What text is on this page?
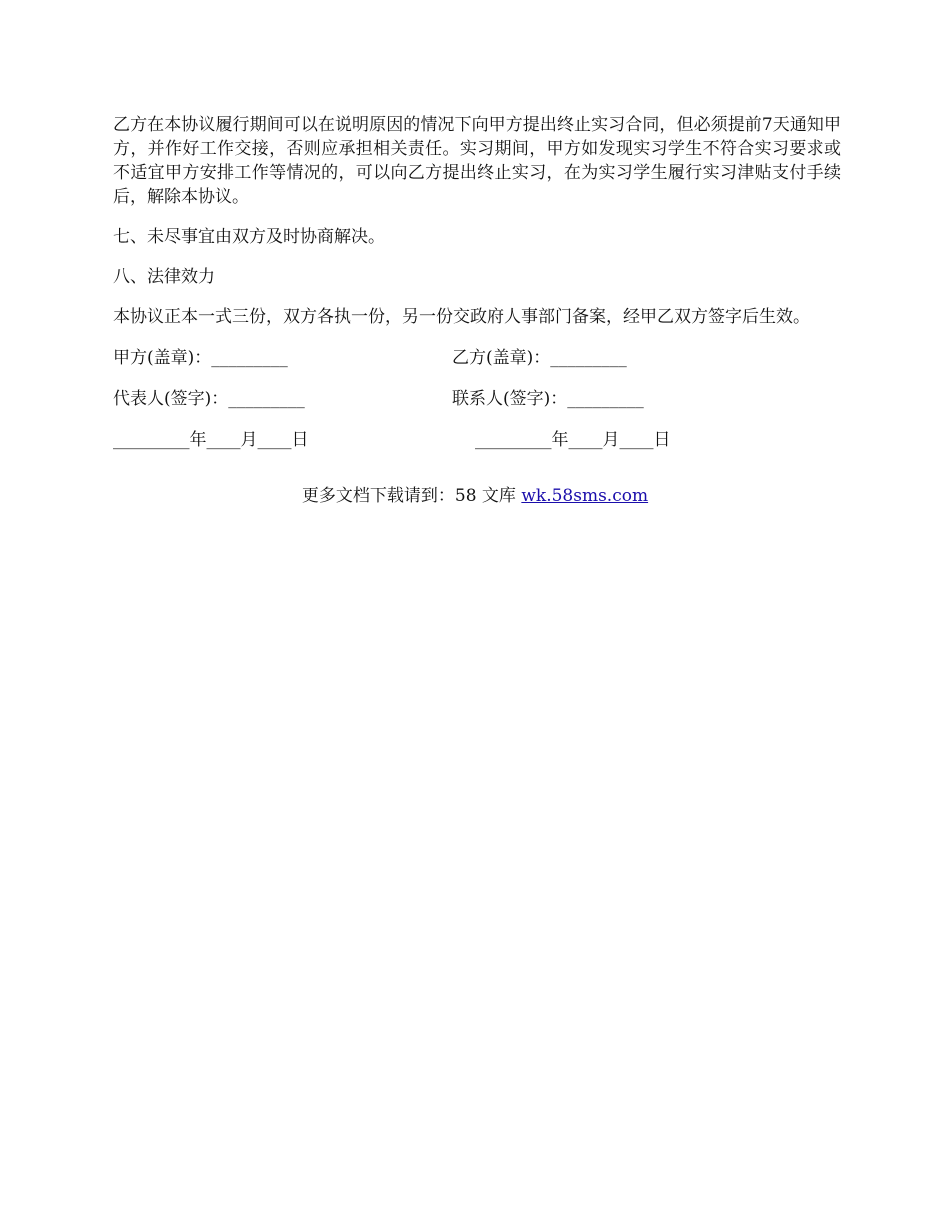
乙方在本协议履行期间可以在说明原因的情况下向甲方提出终止实习合同，但必须提前7天通知甲方，并作好工作交接，否则应承担相关责任。实习期间，甲方如发现实习学生不符合实习要求或不适宜甲方安排工作等情况的，可以向乙方提出终止实习，在为实习学生履行实习津贴支付手续后，解除本协议。

七、未尽事宜由双方及时协商解决。

八、法律效力

本协议正本一式三份，双方各执一份，另一份交政府人事部门备案，经甲乙双方签字后生效。

甲方(盖章)：_________	乙方(盖章)：_________
代表人(签字)：_________	联系人(签字)：_________
_________年____月____日	_________年____月____日
更多文档下载请到：58 文库 wk.58sms.com
